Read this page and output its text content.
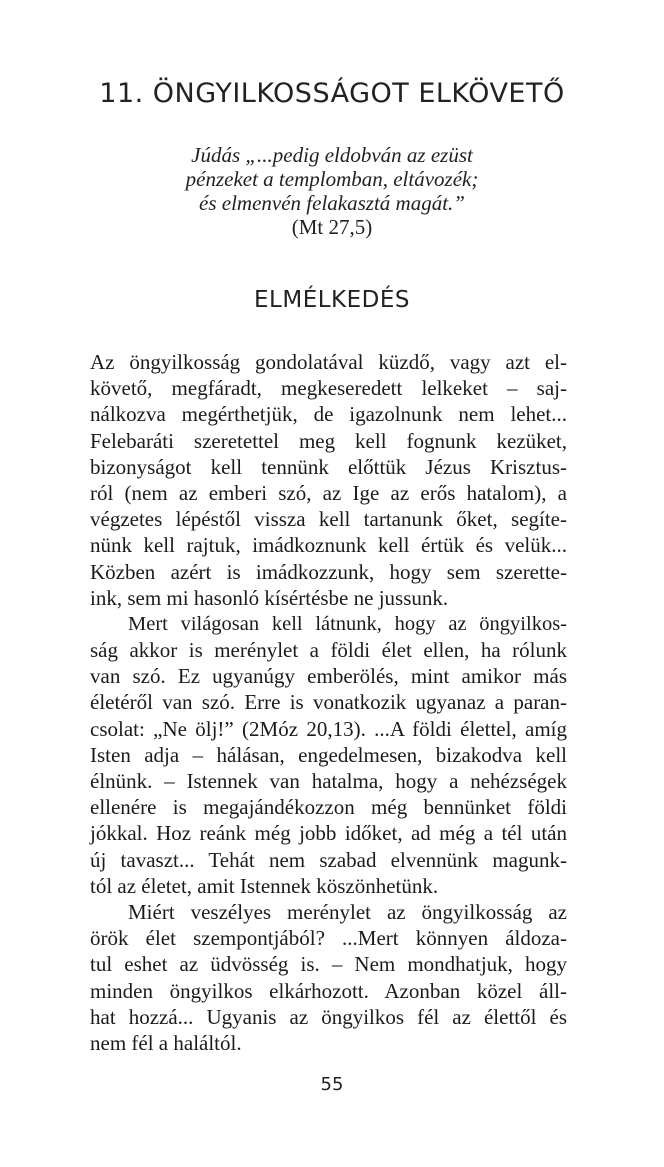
11. ÖNGYILKOSSÁGOT ELKÖVETŐ
Júdás „...pedig eldobván az ezüst
pénzeket a templomban, eltávozék;
és elmenvén felakasztá magát.”
(Mt 27,5)
ELMÉLKEDÉS
Az öngyilkosság gondolatával küzdő, vagy azt el-
követő, megfáradt, megkeseredett lelkeket – saj-
nálkozva megérthetjük, de igazolnunk nem lehet...
Felebaráti szeretettel meg kell fognunk kezüket,
bizonyságot kell tennünk előttük Jézus Krisztus-
ról (nem az emberi szó, az Ige az erős hatalom), a
végzetes lépéstől vissza kell tartanunk őket, segíte-
nünk kell rajtuk, imádkoznunk kell értük és velük...
Közben azért is imádkozzunk, hogy sem szerette-
ink, sem mi hasonló kísértésbe ne jussunk.
Mert világosan kell látnunk, hogy az öngyilkos-
ság akkor is merénylet a földi élet ellen, ha rólunk
van szó. Ez ugyanúgy emberölés, mint amikor más
életéről van szó. Erre is vonatkozik ugyanaz a paran-
csolat: „Ne ölj!” (2Móz 20,13). ...A földi élettel, amíg
Isten adja – hálásan, engedelmesen, bizakodva kell
élnünk. – Istennek van hatalma, hogy a nehézségek
ellenére is megajándékozzon még bennünket földi
jókkal. Hoz reánk még jobb időket, ad még a tél után
új tavaszt... Tehát nem szabad elvennünk magunk-
tól az életet, amit Istennek köszönhetünk.
Miért veszélyes merénylet az öngyilkosság az
örök élet szempontjából? ...Mert könnyen áldoza-
tul eshet az üdvösség is. – Nem mondhatjuk, hogy
minden öngyilkos elkárhozott. Azonban közel áll-
hat hozzá... Ugyanis az öngyilkos fél az élettől és
nem fél a haláltól.
55
